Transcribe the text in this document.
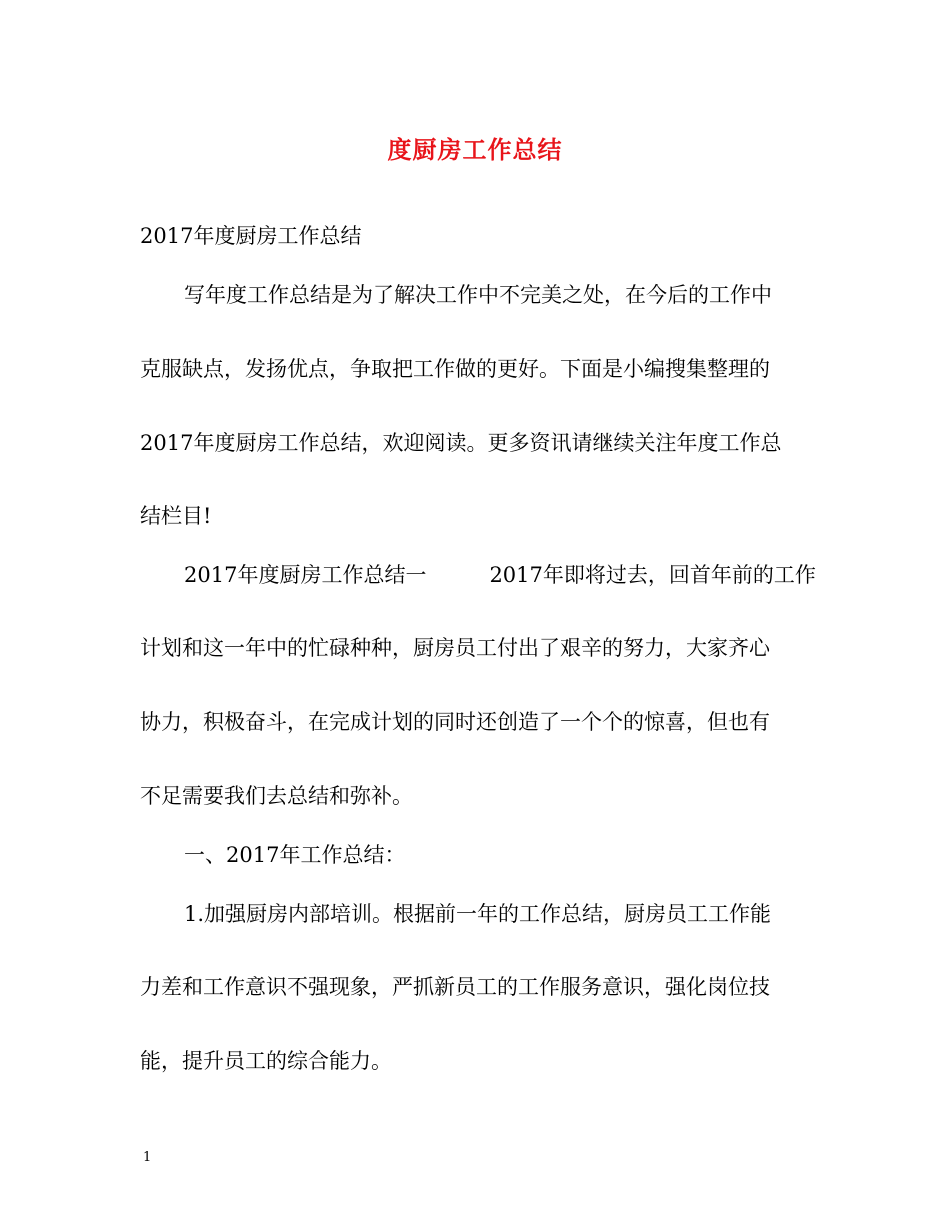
度厨房工作总结
2017年度厨房工作总结
写年度工作总结是为了解决工作中不完美之处，在今后的工作中
克服缺点，发扬优点，争取把工作做的更好。下面是小编搜集整理的
2017年度厨房工作总结，欢迎阅读。更多资讯请继续关注年度工作总
结栏目!
2017年度厨房工作总结一　　　2017年即将过去，回首年前的工作
计划和这一年中的忙碌种种，厨房员工付出了艰辛的努力，大家齐心
协力，积极奋斗，在完成计划的同时还创造了一个个的惊喜，但也有
不足需要我们去总结和弥补。
一、2017年工作总结：
1.加强厨房内部培训。根据前一年的工作总结，厨房员工工作能
力差和工作意识不强现象，严抓新员工的工作服务意识，强化岗位技
能，提升员工的综合能力。
1
